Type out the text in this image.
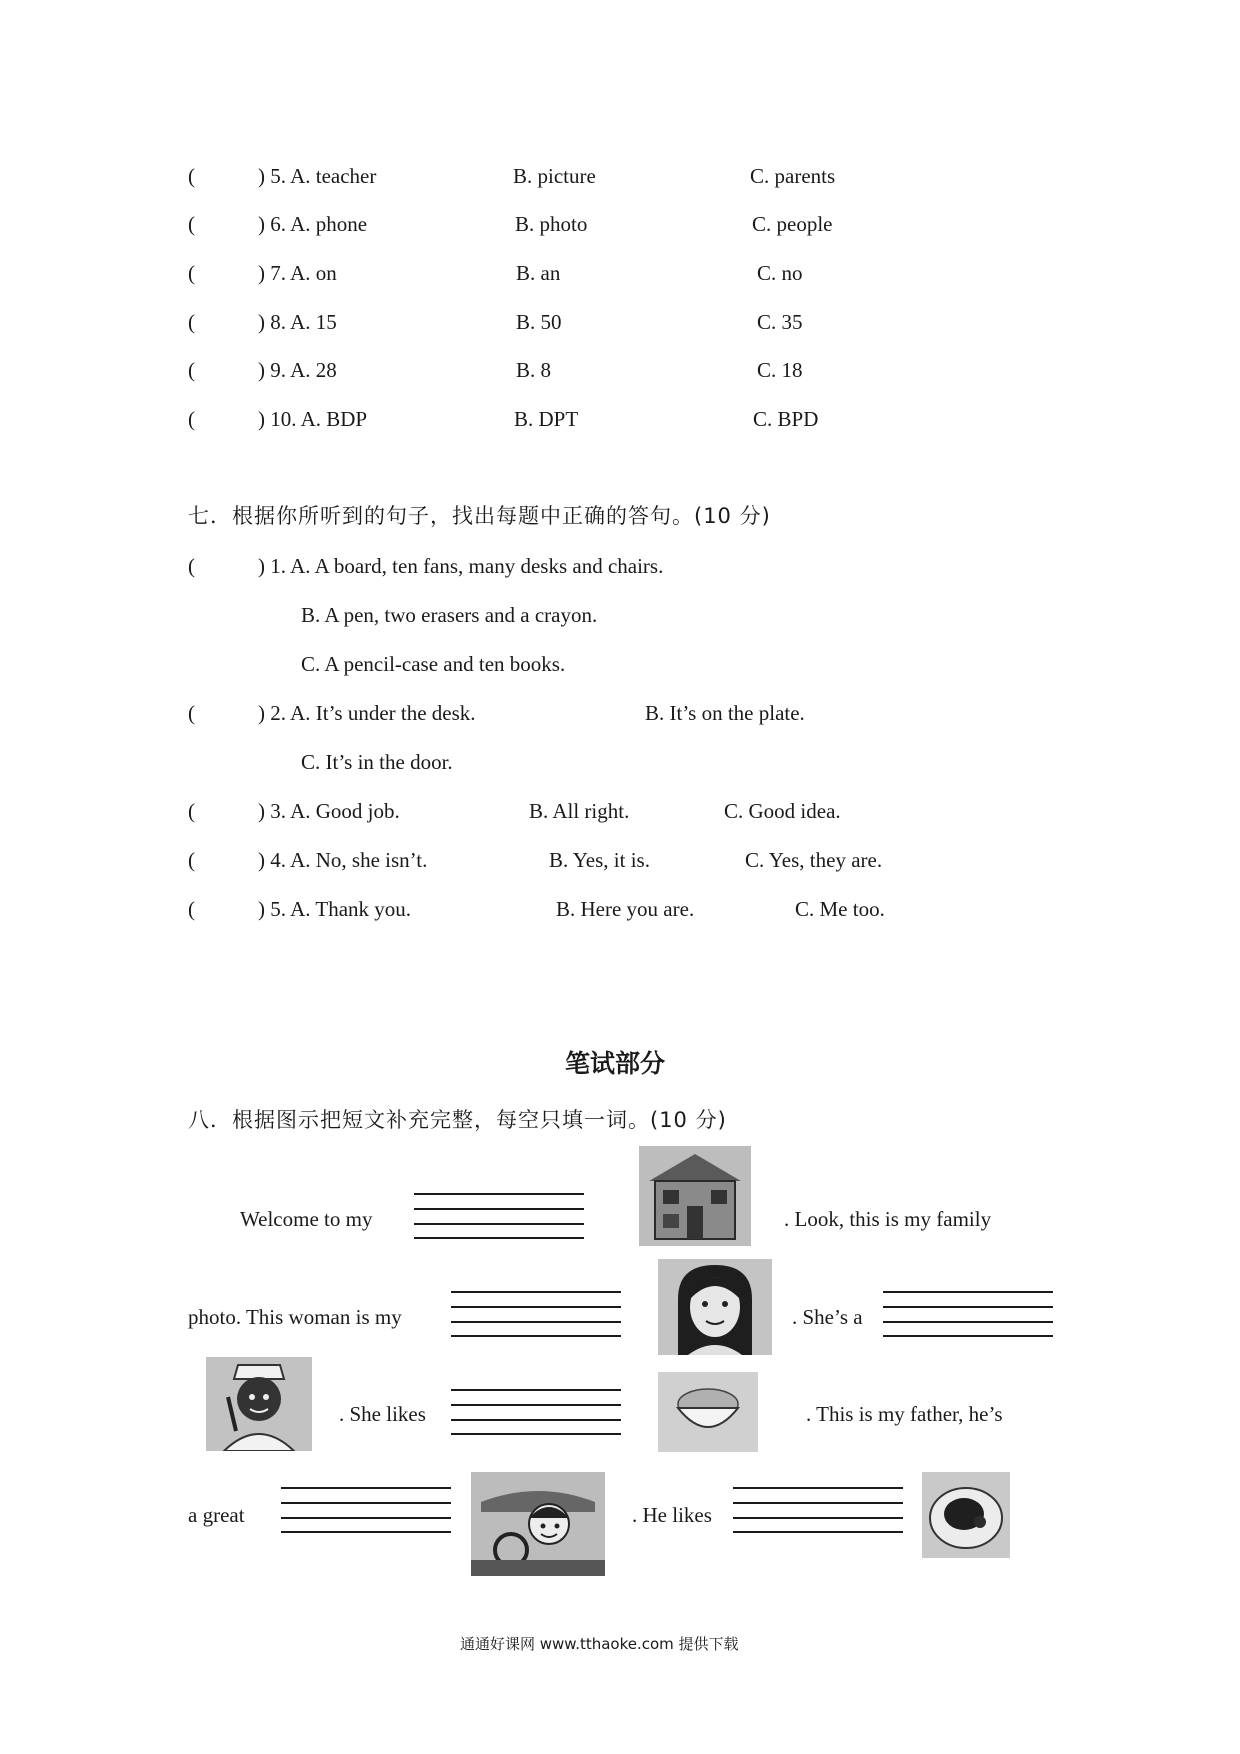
(	) 5. A. teacher	B. picture	C. parents
(	) 6. A. phone	B. photo	C. people
(	) 7. A. on	B. an	C. no
(	) 8. A. 15	B. 50	C. 35
(	) 9. A. 28	B. 8	C. 18
(	) 10. A. BDP	B. DPT	C. BPD
七．根据你所听到的句子，找出每题中正确的答句。(10 分)
(	) 1. A. A board, ten fans, many desks and chairs.
B. A pen, two erasers and a crayon.
C. A pencil-case and ten books.
(	) 2. A. It’s under the desk.	B. It’s on the plate.
C. It’s in the door.
(	) 3. A. Good job.	B. All right.	C. Good idea.
(	) 4. A. No, she isn’t.	B. Yes, it is.	C. Yes, they are.
(	) 5. A. Thank you.	B. Here you are.	C. Me too.
笔试部分
八．根据图示把短文补充完整，每空只填一词。(10 分)
Welcome to my	. Look, this is my family
photo. This woman is my	. She’s a
. She likes	. This is my father, he’s
a great	. He likes
通通好课网 www.tthaoke.com 提供下载
